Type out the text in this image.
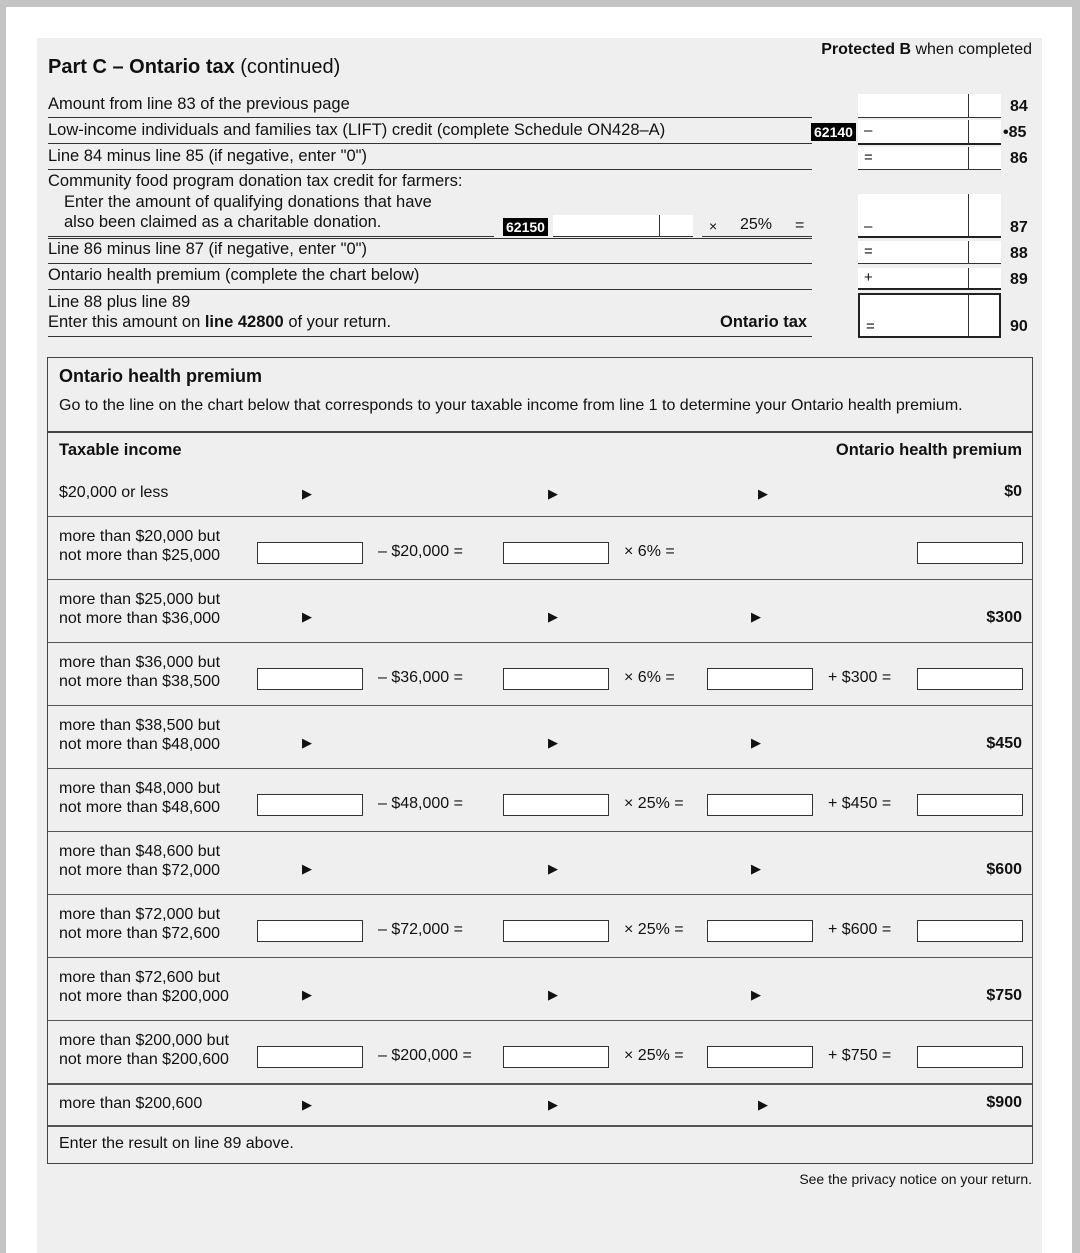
Protected B when completed
Part C – Ontario tax (continued)
Amount from line 83 of the previous page	84
Low-income individuals and families tax (LIFT) credit (complete Schedule ON428–A)	62140 –	•85
Line 84 minus line 85 (if negative, enter "0")	=	86
Community food program donation tax credit for farmers:
Enter the amount of qualifying donations that have
also been claimed as a charitable donation.	62150	× 25% =	–	87
Line 86 minus line 87 (if negative, enter "0")	=	88
Ontario health premium (complete the chart below)	+	89
Line 88 plus line 89
Enter this amount on line 42800 of your return.	Ontario tax	=	90
Ontario health premium
Go to the line on the chart below that corresponds to your taxable income from line 1 to determine your Ontario health premium.
Taxable income	Ontario health premium
$20,000 or less	▶	▶	▶	$0
more than $20,000 but
not more than $25,000	– $20,000 =	× 6% =
more than $25,000 but
not more than $36,000	▶	▶	▶	$300
more than $36,000 but
not more than $38,500	– $36,000 =	× 6% =	+ $300 =
more than $38,500 but
not more than $48,000	▶	▶	▶	$450
more than $48,000 but
not more than $48,600	– $48,000 =	× 25% =	+ $450 =
more than $48,600 but
not more than $72,000	▶	▶	▶	$600
more than $72,000 but
not more than $72,600	– $72,000 =	× 25% =	+ $600 =
more than $72,600 but
not more than $200,000	▶	▶	▶	$750
more than $200,000 but
not more than $200,600	– $200,000 =	× 25% =	+ $750 =
more than $200,600	▶	▶	▶	$900
Enter the result on line 89 above.
See the privacy notice on your return.
